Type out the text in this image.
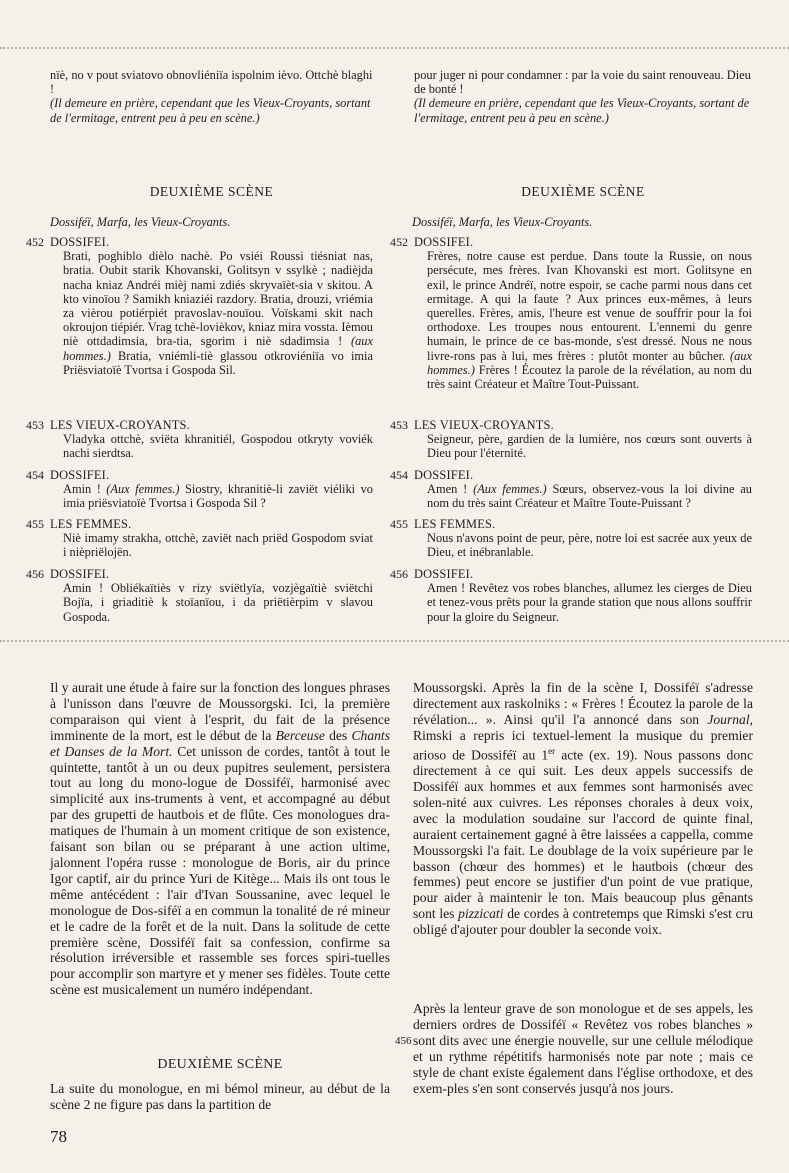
nïè, no v pout sviatovo obnovliéniïa ispolnim ièvo. Ottchè blaghi !

(Il demeure en prière, cependant que les Vieux-Croyants, sortant de l'ermitage, entrent peu à peu en scène.)

pour juger ni pour condamner : par la voie du saint renouveau. Dieu de bonté !

(Il demeure en prière, cependant que les Vieux-Croyants, sortant de l'ermitage, entrent peu à peu en scène.)

DEUXIÈME SCÈNE	DEUXIÈME SCÈNE
Dossiféï, Marfa, les Vieux-Croyants.	Dossiféï, Marfa, les Vieux-Croyants.
452 DOSSIFEI.
Brati, poghiblo dièlo nachè. Po vsiéi Roussi tiésniat nas, bratia. Oubit starik Khovanski, Golitsyn v ssylkè ; nadièjda nacha kniaz Andréi mièj nami zdiés skryvaïèt-sia v skitou. A kto vinoïou ? Samikh kniaziéi razdory. Bratia, drouzi, vriémia za vièrou potiérpiét pravoslav-nouïou. Voïskami skit nach okroujon tiépiér. Vrag tchè-lovièkov, kniaz mira vossta. Ièmou niè ottdadimsia, bra-tia, sgorim i niè sdadimsia ! (aux hommes.) Bratia, vniémli-tiè glassou otkroviéniïa vo imia Priësviatoïè Tvortsa i Gospoda Sil.
453 LES VIEUX-CROYANTS.
Vladyka ottchè, sviëta khranitiél, Gospodou otkryty voviék nachi sierdtsa.
454 DOSSIFEI.
Amin ! (Aux femmes.) Siostry, khranitiè-li zaviët viéliki vo imia priësviatoïè Tvortsa i Gospoda Sil ?
455 LES FEMMES.
Niè imamy strakha, ottchè, zaviët nach priëd Gospodom sviat i nièpriëlojën.
456 DOSSIFEI.
Amin ! Obliékaïtiès v rizy sviëtlyïa, vozjègaïtiè sviëtchi Bojïa, i griaditiè k stoïanïou, i da priëtièrpim v slavou Gospoda.
452 DOSSIFEI.
Frères, notre cause est perdue. Dans toute la Russie, on nous persécute, mes frères. Ivan Khovanski est mort. Golitsyne en exil, le prince Andréï, notre espoir, se cache parmi nous dans cet ermitage. A qui la faute ? Aux princes eux-mêmes, à leurs querelles. Frères, amis, l'heure est venue de souffrir pour la foi orthodoxe. Les troupes nous entourent. L'ennemi du genre humain, le prince de ce bas-monde, s'est dressé. Nous ne nous livre-rons pas à lui, mes frères : plutôt monter au bûcher. (aux hommes.) Frères ! Écoutez la parole de la révélation, au nom du très saint Créateur et Maître Tout-Puissant.
453 LES VIEUX-CROYANTS.
Seigneur, père, gardien de la lumière, nos cœurs sont ouverts à Dieu pour l'éternité.
454 DOSSIFEI.
Amen ! (Aux femmes.) Sœurs, observez-vous la loi divine au nom du très saint Créateur et Maître Toute-Puissant ?
455 LES FEMMES.
Nous n'avons point de peur, père, notre loi est sacrée aux yeux de Dieu, et inébranlable.
456 DOSSIFEI.
Amen ! Revêtez vos robes blanches, allumez les cierges de Dieu et tenez-vous prêts pour la grande station que nous allons souffrir pour la gloire du Seigneur.

Il y aurait une étude à faire sur la fonction des longues phrases à l'unisson dans l'œuvre de Moussorgski. Ici, la première comparaison qui vient à l'esprit, du fait de la présence imminente de la mort, est le début de la Berceuse des Chants et Danses de la Mort. Cet unisson de cordes, tantôt à tout le quintette, tantôt à un ou deux pupitres seulement, persistera tout au long du mono-logue de Dossiféï, harmonisé avec simplicité aux ins-truments à vent, et accompagné au début par des grupetti de hautbois et de flûte. Ces monologues dra-matiques de l'humain à un moment critique de son existence, faisant son bilan ou se préparant à une action ultime, jalonnent l'opéra russe : monologue de Boris, air du prince Igor captif, air du prince Yuri de Kitège... Mais ils ont tous le même antécédent : l'air d'Ivan Soussanine, avec lequel le monologue de Dos-siféï a en commun la tonalité de ré mineur et le cadre de la forêt et de la nuit. Dans la solitude de cette première scène, Dossiféï fait sa confession, confirme sa résolution irréversible et rassemble ses forces spiri-tuelles pour accomplir son martyre et y mener ses fidèles. Toute cette scène est musicalement un numéro indépendant.

DEUXIÈME SCÈNE

La suite du monologue, en mi bémol mineur, au début de la scène 2 ne figure pas dans la partition de

Moussorgski. Après la fin de la scène I, Dossiféï s'adresse directement aux raskolniks : « Frères ! Écoutez la parole de la révélation... ». Ainsi qu'il l'a annoncé dans son Journal, Rimski a repris ici textuel-lement la musique du premier arioso de Dossiféï au 1er acte (ex. 19). Nous passons donc directement à ce qui suit. Les deux appels successifs de Dossiféï aux hommes et aux femmes sont harmonisés avec solen-nité aux cuivres. Les réponses chorales à deux voix, avec la modulation soudaine sur l'accord de quinte final, auraient certainement gagné à être laissées a cappella, comme Moussorgski l'a fait. Le doublage de la voix supérieure par le basson (chœur des hommes) et le hautbois (chœur des femmes) peut encore se justifier d'un point de vue pratique, pour aider à maintenir le ton. Mais beaucoup plus gênants sont les pizzicati de cordes à contretemps que Rimski s'est cru obligé d'ajouter pour doubler la seconde voix.

Après la lenteur grave de son monologue et de ses appels, les derniers ordres de Dossiféï « Revêtez vos robes blanches » sont dits avec une énergie nouvelle, sur une cellule mélodique et un rythme répétitifs harmonisés note par note ; mais ce style de chant existe également dans l'église orthodoxe, et des exem-ples s'en sont conservés jusqu'à nos jours.

456
78
